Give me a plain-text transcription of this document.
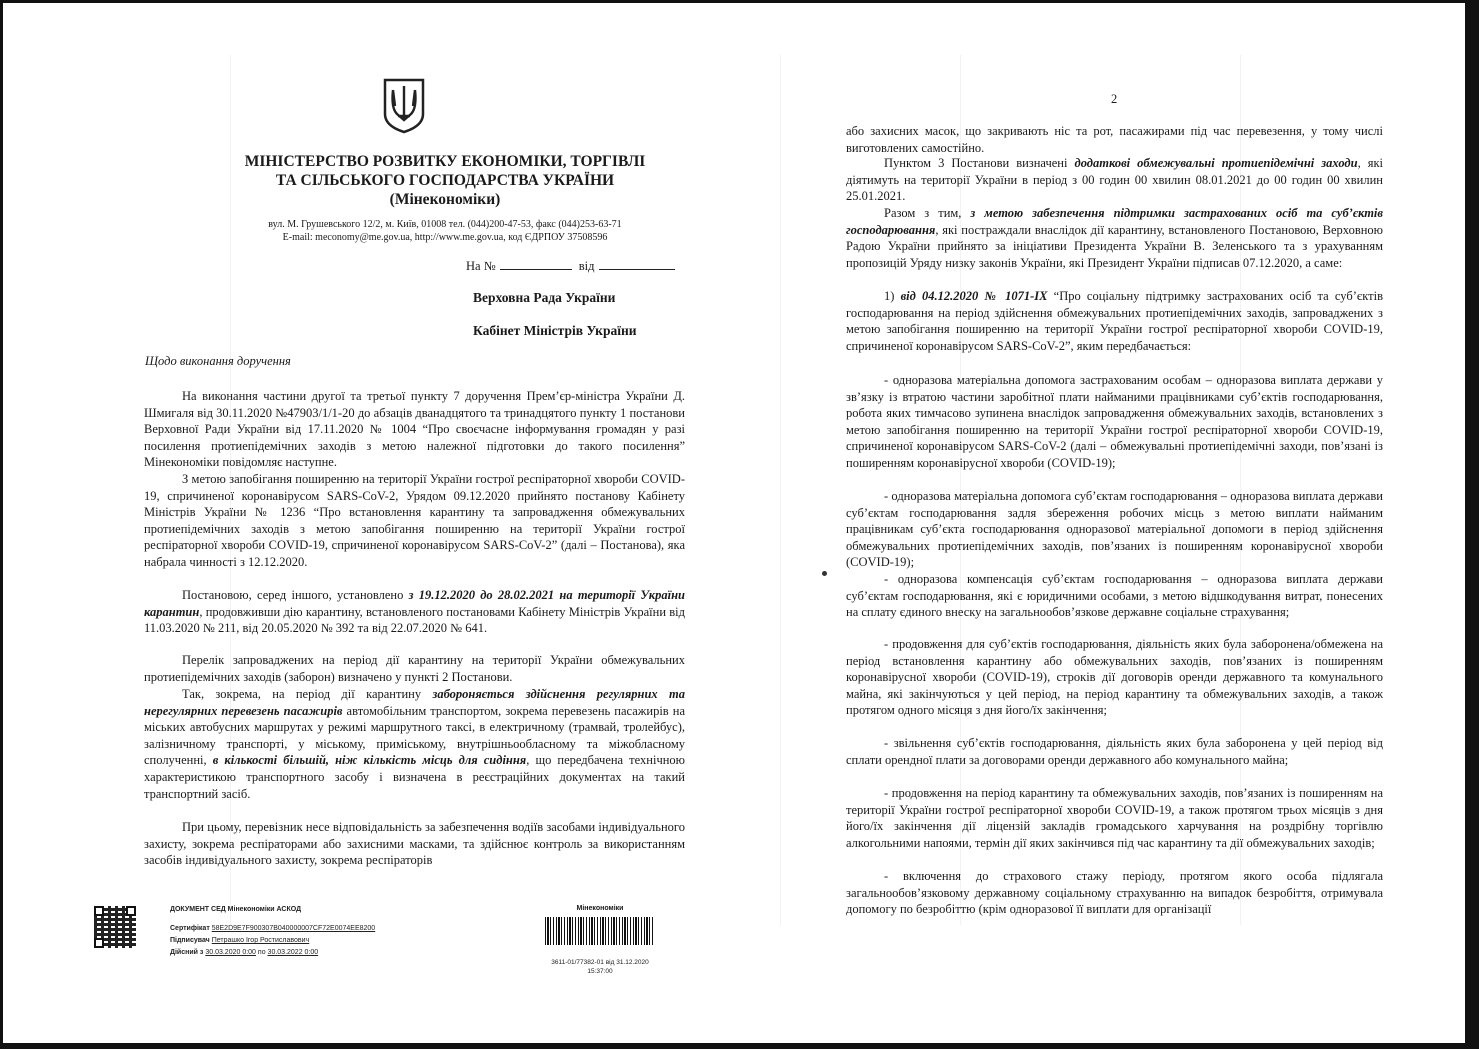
МІНІСТЕРСТВО РОЗВИТКУ ЕКОНОМІКИ, ТОРГІВЛІ
ТА СІЛЬСЬКОГО ГОСПОДАРСТВА УКРАЇНИ
(Мінекономіки)
вул. М. Грушевського 12/2, м. Київ, 01008 тел. (044)200-47-53, факс (044)253-63-71
E-mail: meconomy@me.gov.ua, http://www.me.gov.ua, код ЄДРПОУ 37508596
На №	від
Верховна Рада України
Кабінет Міністрів України
Щодо виконання доручення

На виконання частини другої та третьої пункту 7 доручення Прем’єр-міністра України Д. Шмигаля від 30.11.2020 №47903/1/1-20 до абзаців дванадцятого та тринадцятого пункту 1 постанови Верховної Ради України від 17.11.2020 № 1004 “Про своєчасне інформування громадян у разі посилення протиепідемічних заходів з метою належної підготовки до такого посилення” Мінекономіки повідомляє наступне.

З метою запобігання поширенню на території України гострої респіраторної хвороби COVID-19, спричиненої коронавірусом SARS-CoV-2, Урядом 09.12.2020 прийнято постанову Кабінету Міністрів України № 1236 “Про встановлення карантину та запровадження обмежувальних протиепідемічних заходів з метою запобігання поширенню на території України гострої респіраторної хвороби COVID-19, спричиненої коронавірусом SARS-CoV-2” (далі – Постанова), яка набрала чинності з 12.12.2020.

Постановою, серед іншого, установлено з 19.12.2020 до 28.02.2021 на території України карантин, продовживши дію карантину, встановленого постановами Кабінету Міністрів України від 11.03.2020 № 211, від 20.05.2020 № 392 та від 22.07.2020 № 641.

Перелік запроваджених на період дії карантину на території України обмежувальних протиепідемічних заходів (заборон) визначено у пункті 2 Постанови.

Так, зокрема, на період дії карантину забороняється здійснення регулярних та нерегулярних перевезень пасажирів автомобільним транспортом, зокрема перевезень пасажирів на міських автобусних маршрутах у режимі маршрутного таксі, в електричному (трамвай, тролейбус), залізничному транспорті, у міському, приміському, внутрішньообласному та міжобласному сполученні, в кількості більшій, ніж кількість місць для сидіння, що передбачена технічною характеристикою транспортного засобу і визначена в реєстраційних документах на такий транспортний засіб.

При цьому, перевізник несе відповідальність за забезпечення водіїв засобами індивідуального захисту, зокрема респіраторами або захисними масками, та здійснює контроль за використанням засобів індивідуального захисту, зокрема респіраторів

ДОКУМЕНТ СЕД Мінекономіки АСКОД
Сертифікат 58E2D9E7F900307B040000007CF72E0074EE8200
Підписувач Петрашко Ігор Ростиславович
Дійсний з 30.03.2020 0:00 по 30.03.2022 0:00
Мінекономіки
3611-01/77382-01 від 31.12.2020
15:37:00
2

або захисних масок, що закривають ніс та рот, пасажирами під час перевезення, у тому числі виготовлених самостійно.

Пунктом 3 Постанови визначені додаткові обмежувальні протиепідемічні заходи, які діятимуть на території України в період з 00 годин 00 хвилин 08.01.2021 до 00 годин 00 хвилин 25.01.2021.

Разом з тим, з метою забезпечення підтримки застрахованих осіб та суб’єктів господарювання, які постраждали внаслідок дії карантину, встановленого Постановою, Верховною Радою України прийнято за ініціативи Президента України В. Зеленського та з урахуванням пропозицій Уряду низку законів України, які Президент України підписав 07.12.2020, а саме:

1) від 04.12.2020 № 1071-IX “Про соціальну підтримку застрахованих осіб та суб’єктів господарювання на період здійснення обмежувальних протиепідемічних заходів, запроваджених з метою запобігання поширенню на території України гострої респіраторної хвороби COVID-19, спричиненої коронавірусом SARS-CoV-2”, яким передбачається:

- одноразова матеріальна допомога застрахованим особам – одноразова виплата держави у зв’язку із втратою частини заробітної плати найманими працівниками суб’єктів господарювання, робота яких тимчасово зупинена внаслідок запровадження обмежувальних заходів, встановлених з метою запобігання поширенню на території України гострої респіраторної хвороби COVID-19, спричиненої коронавірусом SARS-CoV-2 (далі – обмежувальні протиепідемічні заходи, пов’язані із поширенням коронавірусної хвороби (COVID-19);

- одноразова матеріальна допомога суб’єктам господарювання – одноразова виплата держави суб’єктам господарювання задля збереження робочих місць з метою виплати найманим працівникам суб’єкта господарювання одноразової матеріальної допомоги в період здійснення обмежувальних протиепідемічних заходів, пов’язаних із поширенням коронавірусної хвороби (COVID-19);

- одноразова компенсація суб’єктам господарювання – одноразова виплата держави суб’єктам господарювання, які є юридичними особами, з метою відшкодування витрат, понесених на сплату єдиного внеску на загальнообов’язкове державне соціальне страхування;

- продовження для суб’єктів господарювання, діяльність яких була заборонена/обмежена на період встановлення карантину або обмежувальних заходів, пов’язаних із поширенням коронавірусної хвороби (COVID-19), строків дії договорів оренди державного та комунального майна, які закінчуються у цей період, на період карантину та обмежувальних заходів, а також протягом одного місяця з дня його/їх закінчення;

- звільнення суб’єктів господарювання, діяльність яких була заборонена у цей період від сплати орендної плати за договорами оренди державного або комунального майна;

- продовження на період карантину та обмежувальних заходів, пов’язаних із поширенням на території України гострої респіраторної хвороби COVID-19, а також протягом трьох місяців з дня його/їх закінчення дії ліцензій закладів громадського харчування на роздрібну торгівлю алкогольними напоями, термін дії яких закінчився під час карантину та дії обмежувальних заходів;

- включення до страхового стажу періоду, протягом якого особа підлягала загальнообов’язковому державному соціальному страхуванню на випадок безробіття, отримувала допомогу по безробіттю (крім одноразової її виплати для організації
